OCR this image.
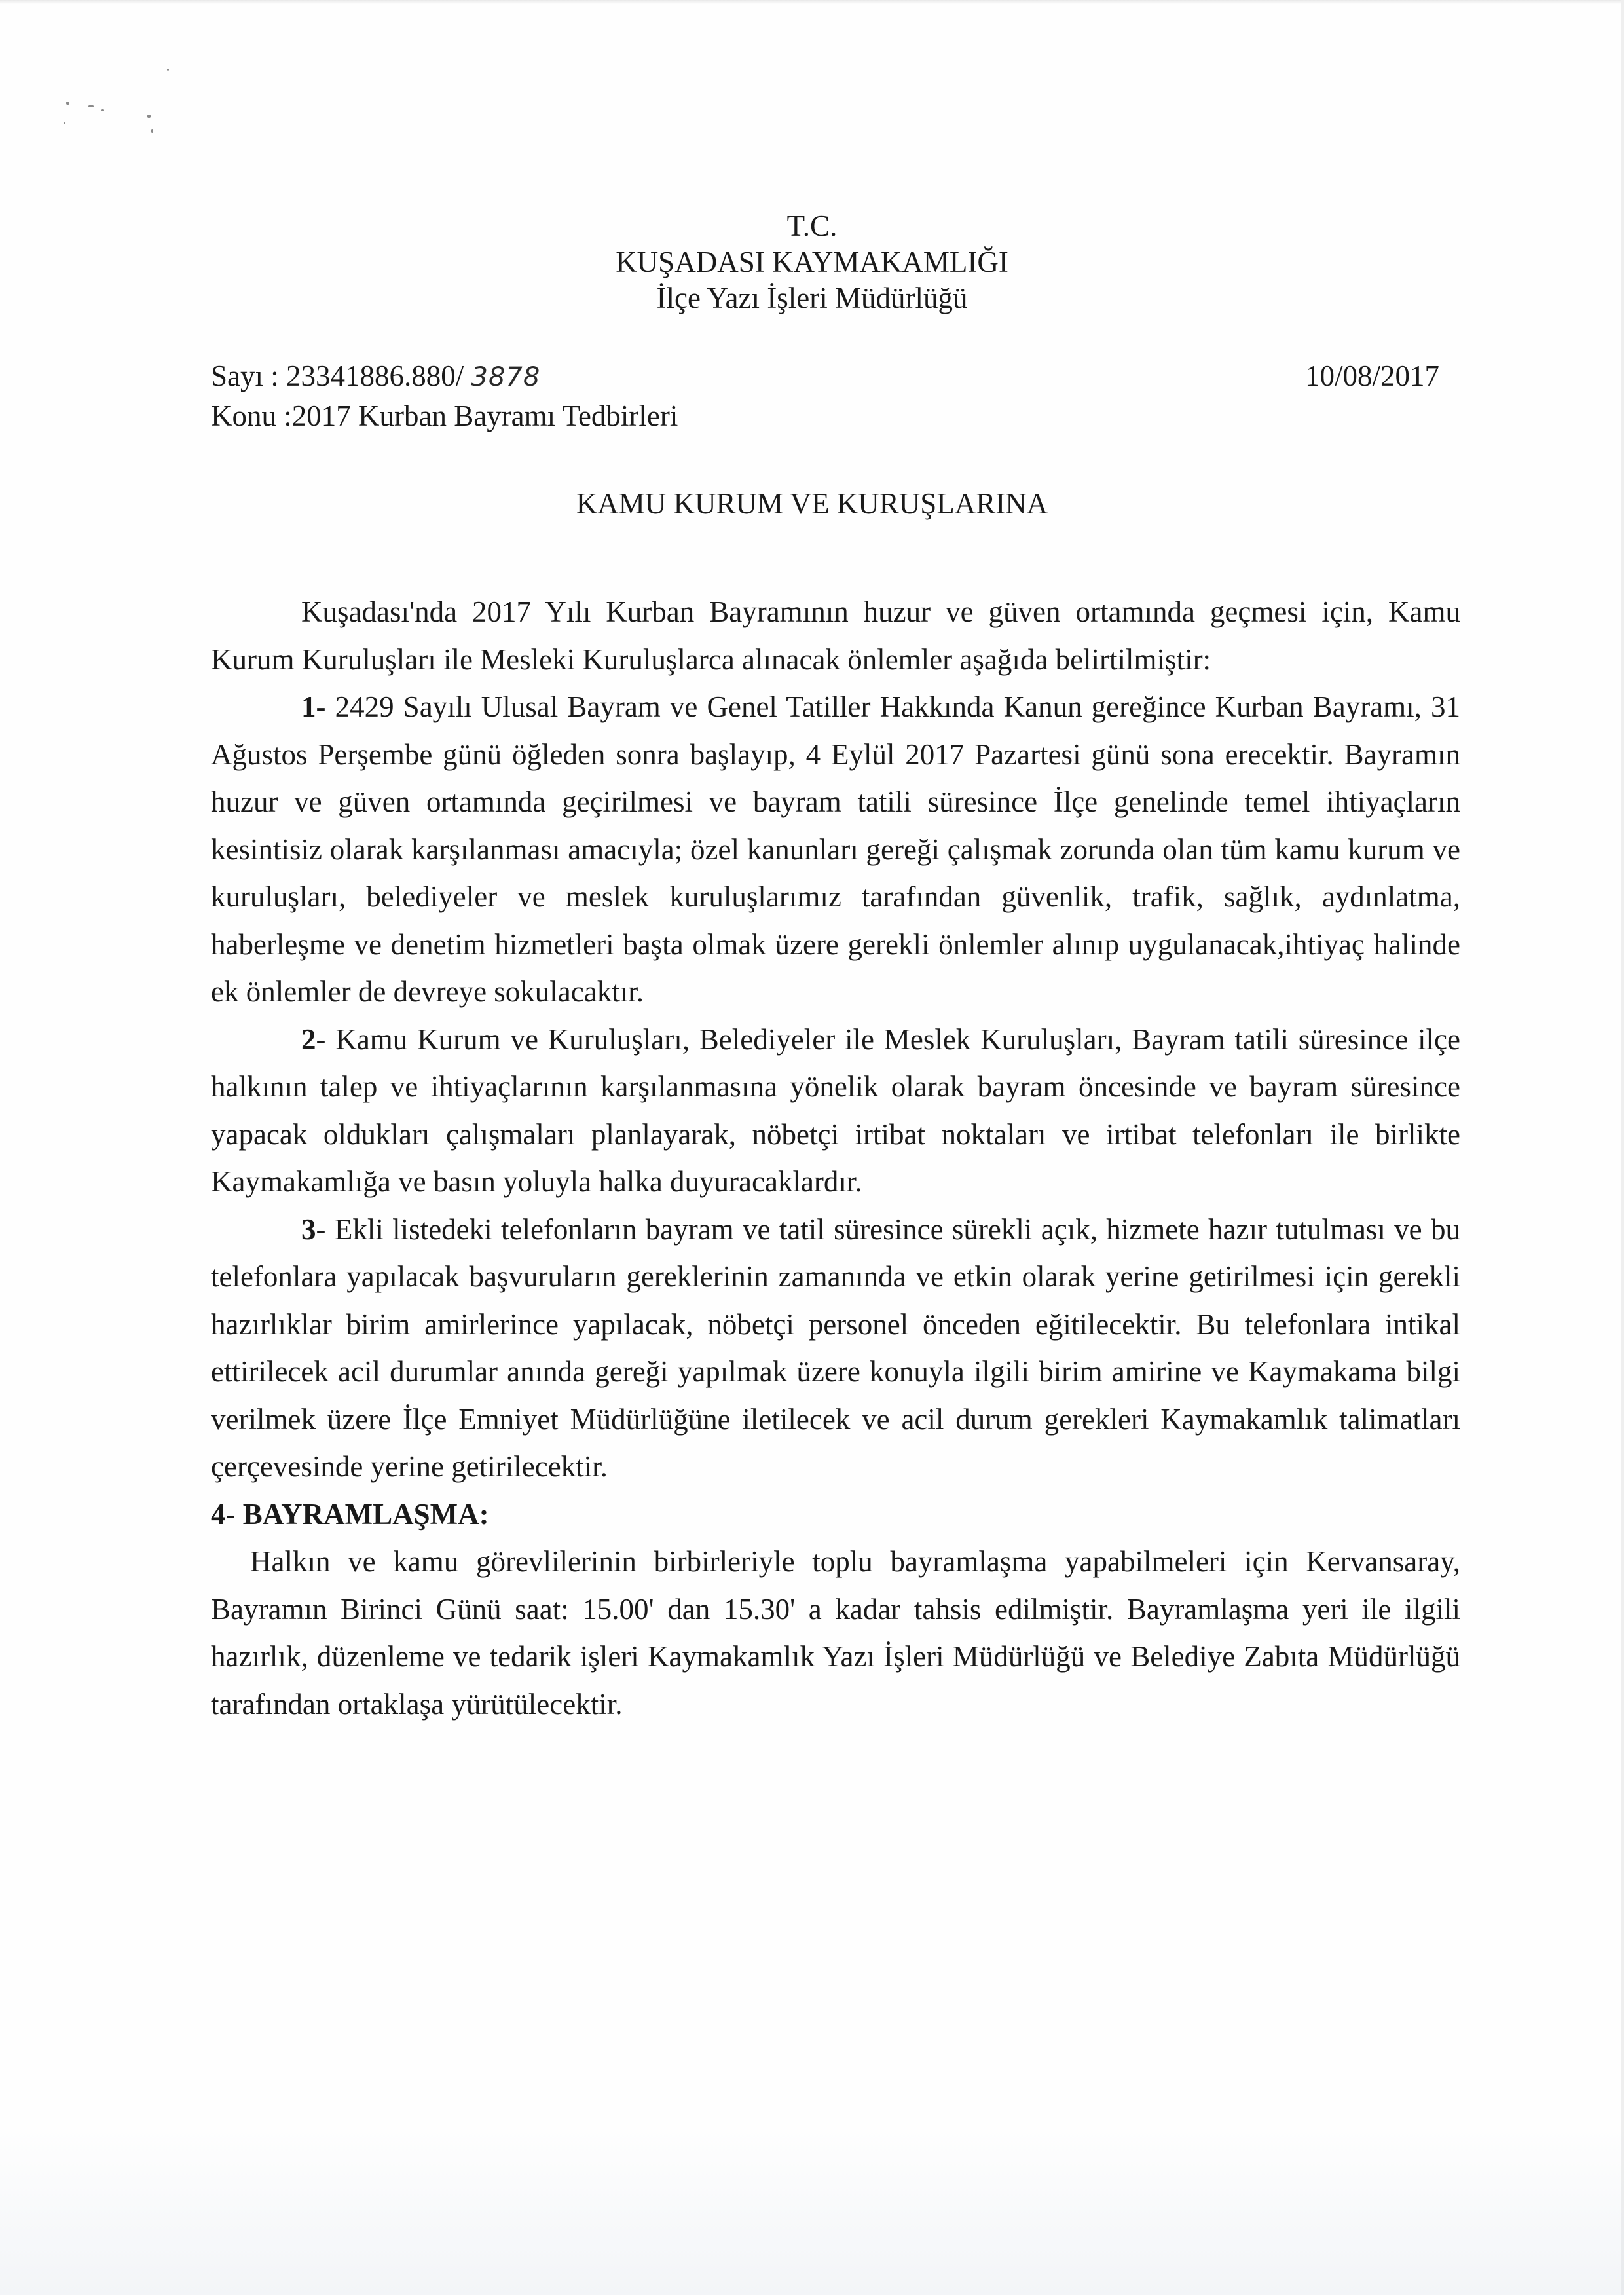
T.C.
KUŞADASI KAYMAKAMLIĞI
İlçe Yazı İşleri Müdürlüğü
Sayı : 23341886.880/ 3878	10/08/2017
Konu :2017 Kurban Bayramı Tedbirleri
KAMU KURUM VE KURUŞLARINA

Kuşadası'nda 2017 Yılı Kurban Bayramının huzur ve güven ortamında geçmesi için, Kamu Kurum Kuruluşları ile Mesleki Kuruluşlarca alınacak önlemler aşağıda belirtilmiştir:

1- 2429 Sayılı Ulusal Bayram ve Genel Tatiller Hakkında Kanun gereğince Kurban Bayramı, 31 Ağustos Perşembe günü öğleden sonra başlayıp, 4 Eylül 2017 Pazartesi günü sona erecektir. Bayramın huzur ve güven ortamında geçirilmesi ve bayram tatili süresince İlçe genelinde temel ihtiyaçların kesintisiz olarak karşılanması amacıyla; özel kanunları gereği çalışmak zorunda olan tüm kamu kurum ve kuruluşları, belediyeler ve meslek kuruluşlarımız tarafından güvenlik, trafik, sağlık, aydınlatma, haberleşme ve denetim hizmetleri başta olmak üzere gerekli önlemler alınıp uygulanacak,ihtiyaç halinde ek önlemler de devreye sokulacaktır.

2- Kamu Kurum ve Kuruluşları, Belediyeler ile Meslek Kuruluşları, Bayram tatili süresince ilçe halkının talep ve ihtiyaçlarının karşılanmasına yönelik olarak bayram öncesinde ve bayram süresince yapacak oldukları çalışmaları planlayarak, nöbetçi irtibat noktaları ve irtibat telefonları ile birlikte Kaymakamlığa ve basın yoluyla halka duyuracaklardır.

3- Ekli listedeki telefonların bayram ve tatil süresince sürekli açık, hizmete hazır tutulması ve bu telefonlara yapılacak başvuruların gereklerinin zamanında ve etkin olarak yerine getirilmesi için gerekli hazırlıklar birim amirlerince yapılacak, nöbetçi personel önceden eğitilecektir. Bu telefonlara intikal ettirilecek acil durumlar anında gereği yapılmak üzere konuyla ilgili birim amirine ve Kaymakama bilgi verilmek üzere İlçe Emniyet Müdürlüğüne iletilecek ve acil durum gerekleri Kaymakamlık talimatları çerçevesinde yerine getirilecektir.

4- BAYRAMLAŞMA:

Halkın ve kamu görevlilerinin birbirleriyle toplu bayramlaşma yapabilmeleri için Kervansaray, Bayramın Birinci Günü saat: 15.00' dan 15.30' a kadar tahsis edilmiştir. Bayramlaşma yeri ile ilgili hazırlık, düzenleme ve tedarik işleri Kaymakamlık Yazı İşleri Müdürlüğü ve Belediye Zabıta Müdürlüğü tarafından ortaklaşa yürütülecektir.
